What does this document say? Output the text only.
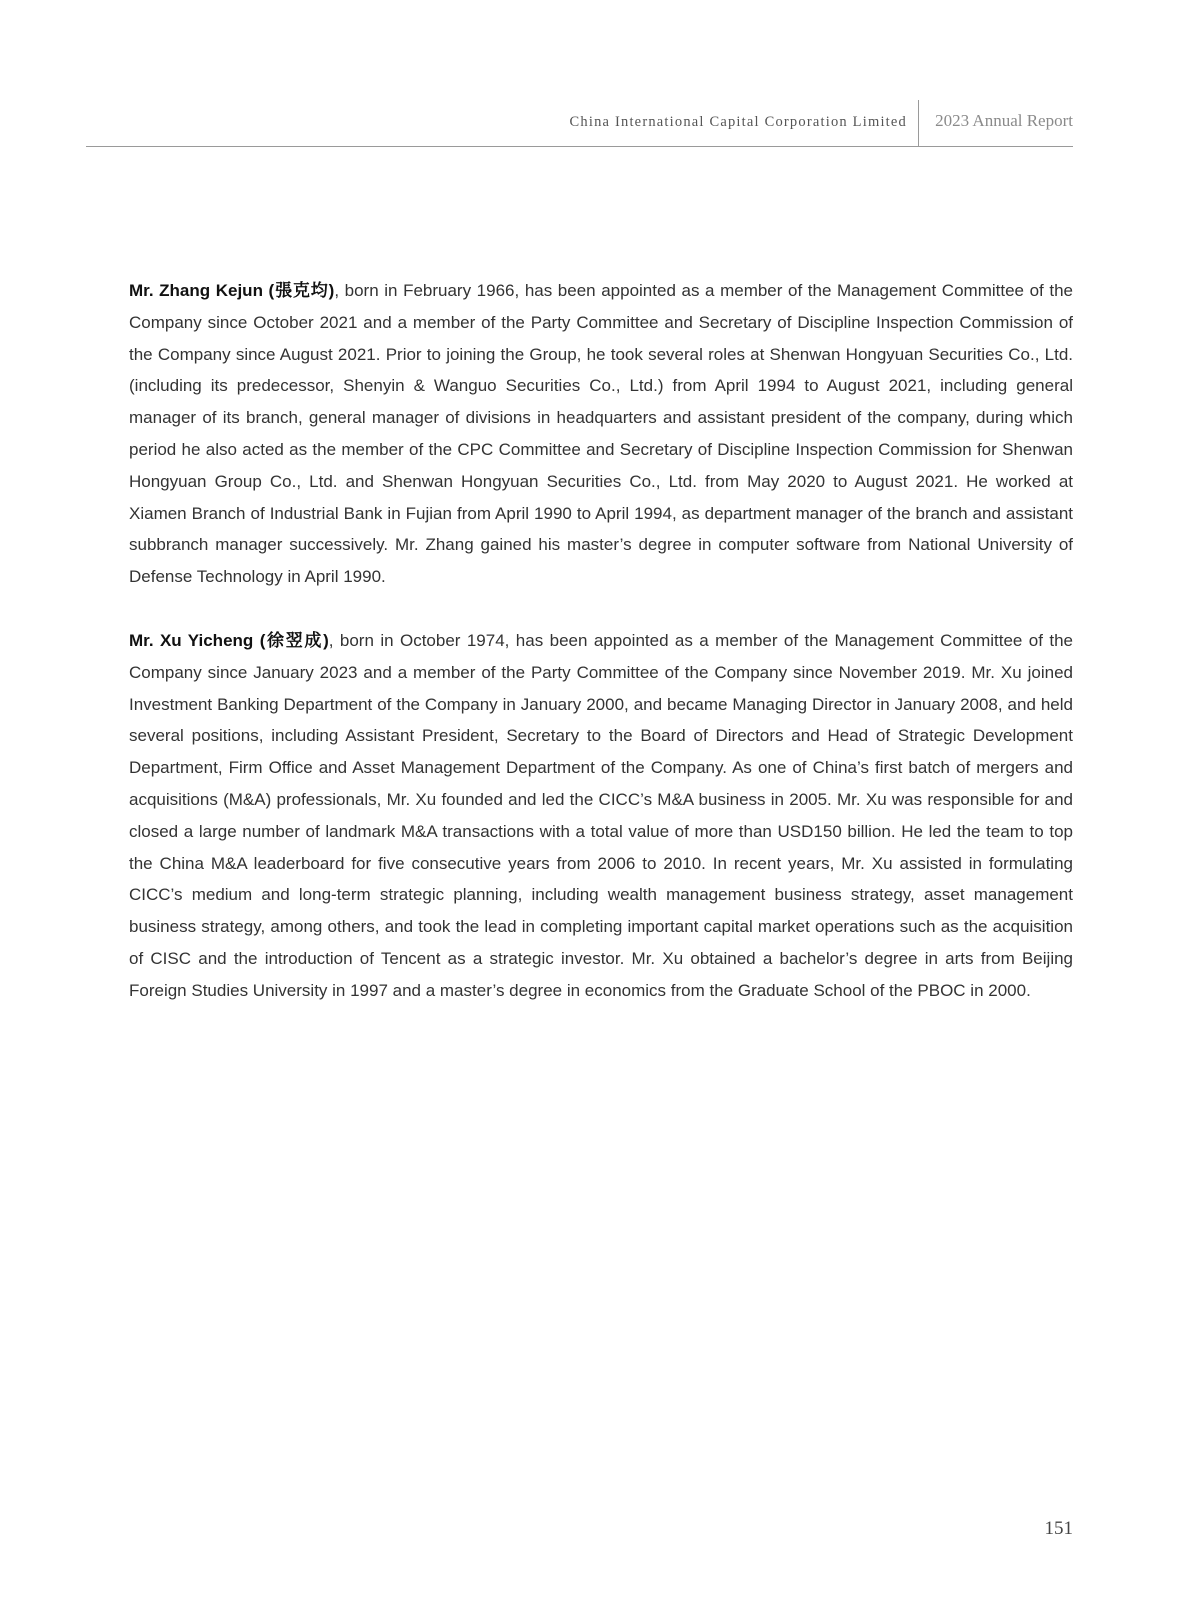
China International Capital Corporation Limited 2023 Annual Report

Mr. Zhang Kejun (張克均), born in February 1966, has been appointed as a member of the Management Committee of the Company since October 2021 and a member of the Party Committee and Secretary of Discipline Inspection Commission of the Company since August 2021. Prior to joining the Group, he took several roles at Shenwan Hongyuan Securities Co., Ltd. (including its predecessor, Shenyin & Wanguo Securities Co., Ltd.) from April 1994 to August 2021, including general manager of its branch, general manager of divisions in headquarters and assistant president of the company, during which period he also acted as the member of the CPC Committee and Secretary of Discipline Inspection Commission for Shenwan Hongyuan Group Co., Ltd. and Shenwan Hongyuan Securities Co., Ltd. from May 2020 to August 2021. He worked at Xiamen Branch of Industrial Bank in Fujian from April 1990 to April 1994, as department manager of the branch and assistant subbranch manager successively. Mr. Zhang gained his master’s degree in computer software from National University of Defense Technology in April 1990.

Mr. Xu Yicheng (徐翌成), born in October 1974, has been appointed as a member of the Management Committee of the Company since January 2023 and a member of the Party Committee of the Company since November 2019. Mr. Xu joined Investment Banking Department of the Company in January 2000, and became Managing Director in January 2008, and held several positions, including Assistant President, Secretary to the Board of Directors and Head of Strategic Development Department, Firm Office and Asset Management Department of the Company. As one of China’s first batch of mergers and acquisitions (M&A) professionals, Mr. Xu founded and led the CICC’s M&A business in 2005. Mr. Xu was responsible for and closed a large number of landmark M&A transactions with a total value of more than USD150 billion. He led the team to top the China M&A leaderboard for five consecutive years from 2006 to 2010. In recent years, Mr. Xu assisted in formulating CICC’s medium and long-term strategic planning, including wealth management business strategy, asset management business strategy, among others, and took the lead in completing important capital market operations such as the acquisition of CISC and the introduction of Tencent as a strategic investor. Mr. Xu obtained a bachelor’s degree in arts from Beijing Foreign Studies University in 1997 and a master’s degree in economics from the Graduate School of the PBOC in 2000.

151
